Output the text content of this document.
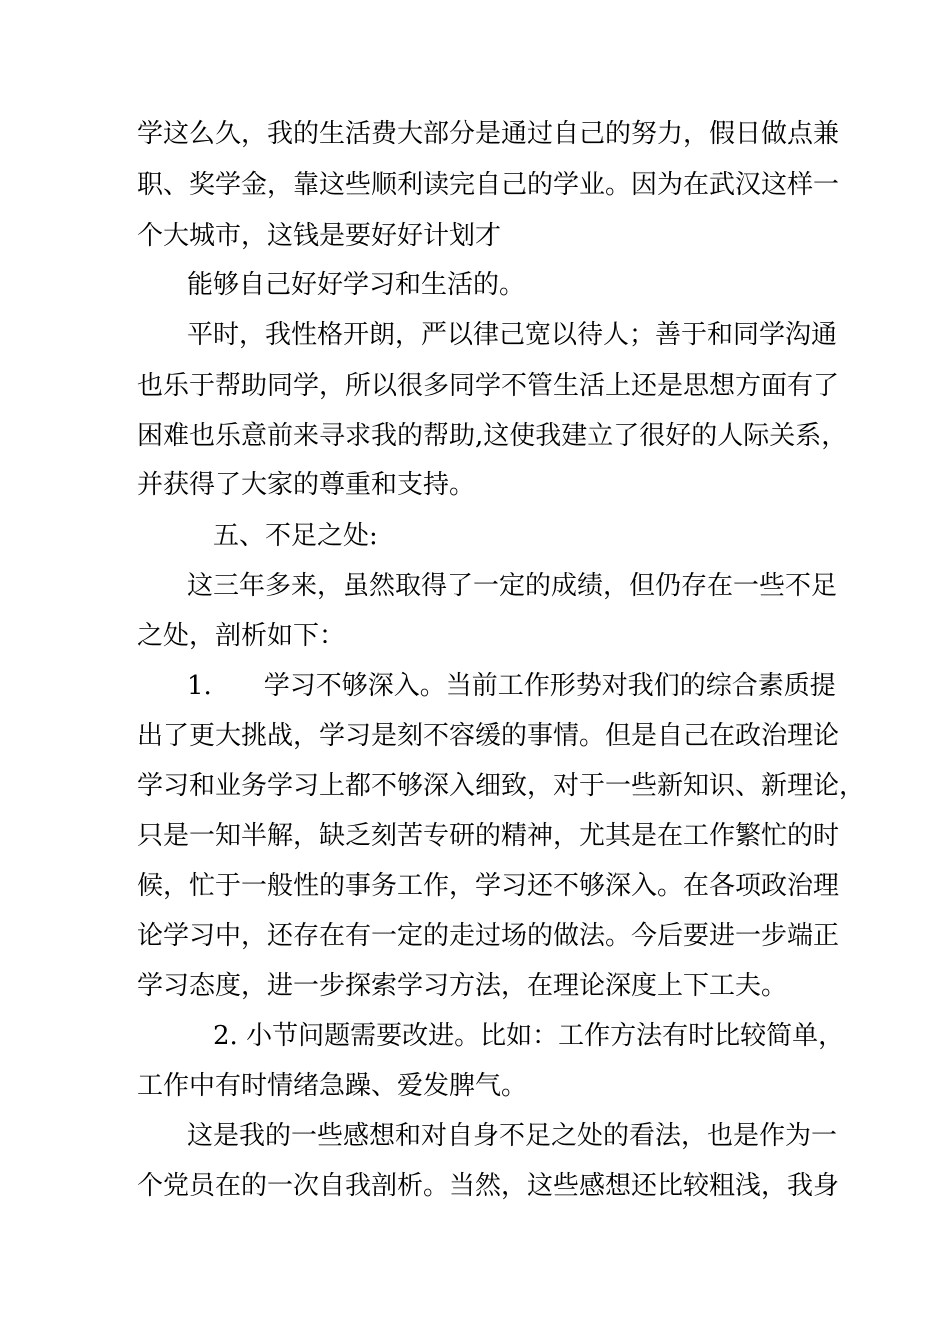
学这么久，我的生活费大部分是通过自己的努力，假日做点兼
职、奖学金，靠这些顺利读完自己的学业。因为在武汉这样一
个大城市，这钱是要好好计划才
能够自己好好学习和生活的。
平时，我性格开朗，严以律己宽以待人；善于和同学沟通
也乐于帮助同学，所以很多同学不管生活上还是思想方面有了
困难也乐意前来寻求我的帮助,这使我建立了很好的人际关系，
并获得了大家的尊重和支持。
五、不足之处:
这三年多来，虽然取得了一定的成绩，但仍存在一些不足
之处，剖析如下：
1.　　学习不够深入。当前工作形势对我们的综合素质提
出了更大挑战，学习是刻不容缓的事情。但是自己在政治理论
学习和业务学习上都不够深入细致，对于一些新知识、新理论，
只是一知半解，缺乏刻苦专研的精神，尤其是在工作繁忙的时
候，忙于一般性的事务工作，学习还不够深入。在各项政治理
论学习中，还存在有一定的走过场的做法。今后要进一步端正
学习态度，进一步探索学习方法，在理论深度上下工夫。
2. 小节问题需要改进。比如：工作方法有时比较简单，
工作中有时情绪急躁、爱发脾气。
这是我的一些感想和对自身不足之处的看法，也是作为一
个党员在的一次自我剖析。当然，这些感想还比较粗浅，我身
